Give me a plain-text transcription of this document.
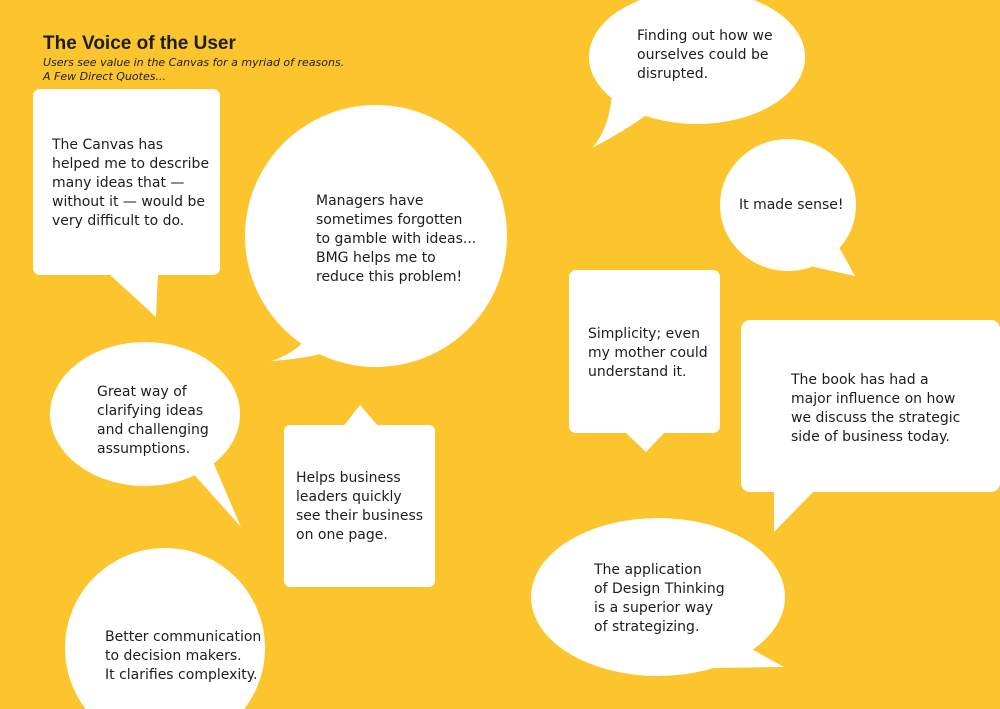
The Voice of the User

Users see value in the Canvas for a myriad of reasons.
A Few Direct Quotes...

The Canvas has
helped me to describe
many ideas that —
without it — would be
very difficult to do.
Managers have
sometimes forgotten
to gamble with ideas...
BMG helps me to
reduce this problem!
Finding out how we
ourselves could be
disrupted.
It made sense!
Simplicity; even
my mother could
understand it.	The book has had a
major influence on how
we discuss the strategic
side of business today.
Great way of
clarifying ideas
and challenging
assumptions.
Helps business
leaders quickly
see their business
on one page.
The application
of Design Thinking
is a superior way
of strategizing.
Better communication
to decision makers.
It clarifies complexity.
